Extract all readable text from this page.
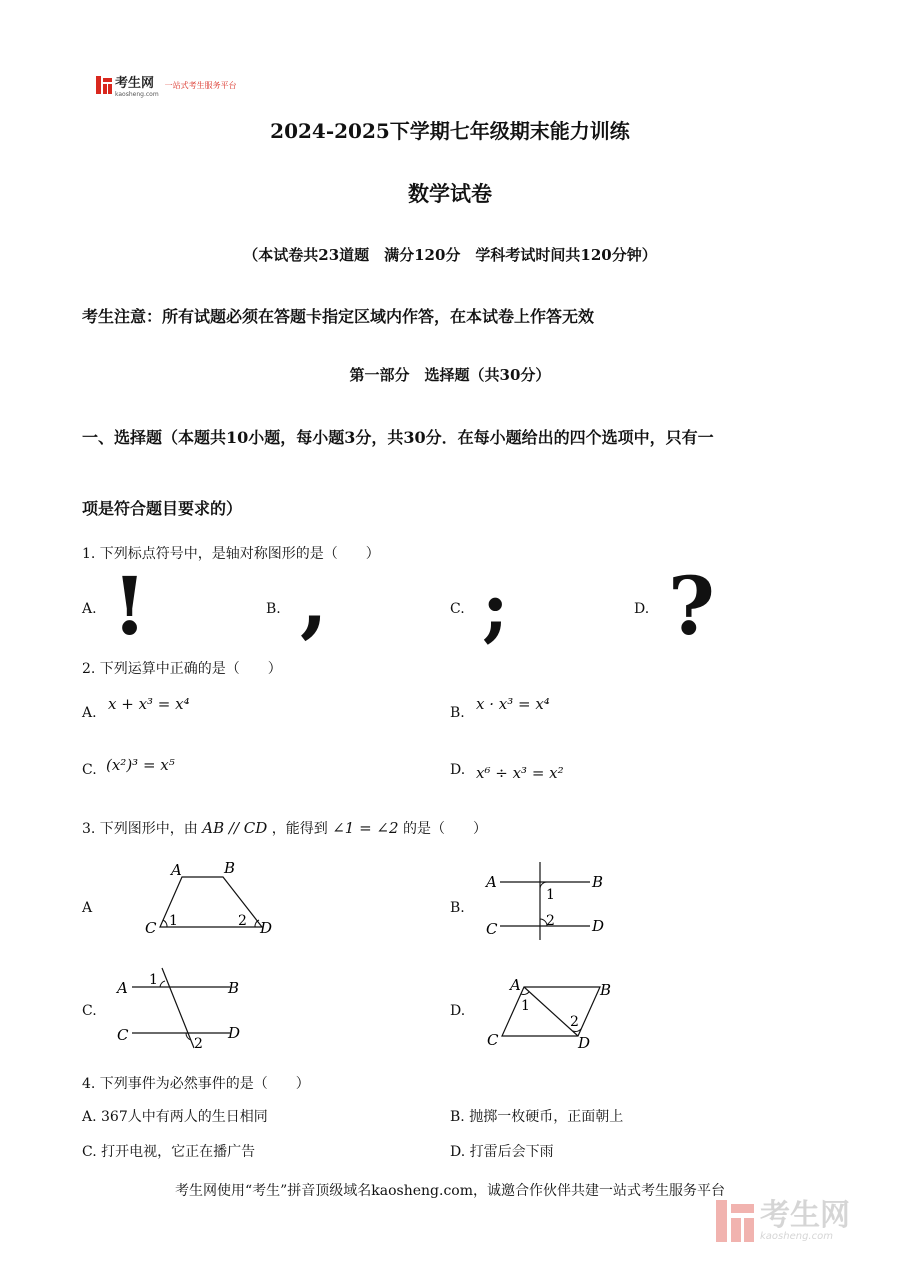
考生网
kaosheng.com
一站式考生服务平台
2024-2025下学期七年级期末能力训练
数学试卷
（本试卷共23道题　满分120分　学科考试时间共120分钟）
考生注意：所有试题必须在答题卡指定区域内作答，在本试卷上作答无效
第一部分　选择题（共30分）
一、选择题（本题共10小题，每小题3分，共30分．在每小题给出的四个选项中，只有一
项是符合题目要求的）
1. 下列标点符号中，是轴对称图形的是（　　）
A. !	B. ,	C. ;	D. ?
2. 下列运算中正确的是（　　）
A. x + x³ = x⁴	B. x · x³ = x⁴
C. (x²)³ = x⁵	D. x⁶ ÷ x³ = x²
3. 下列图形中，由 AB // CD ，能得到 ∠1 = ∠2 的是（　　）
A
A	B
C	D
1	2
B.
A	B
C	D
1
2
C.
A	B
C	D
1
2
D.
A	B
C	D
1
2
4. 下列事件为必然事件的是（　　）
A. 367人中有两人的生日相同	B. 抛掷一枚硬币，正面朝上
C. 打开电视，它正在播广告	D. 打雷后会下雨
考生网使用“考生”拼音顶级域名kaosheng.com，诚邀合作伙伴共建一站式考生服务平台
考生网
kaosheng.com
